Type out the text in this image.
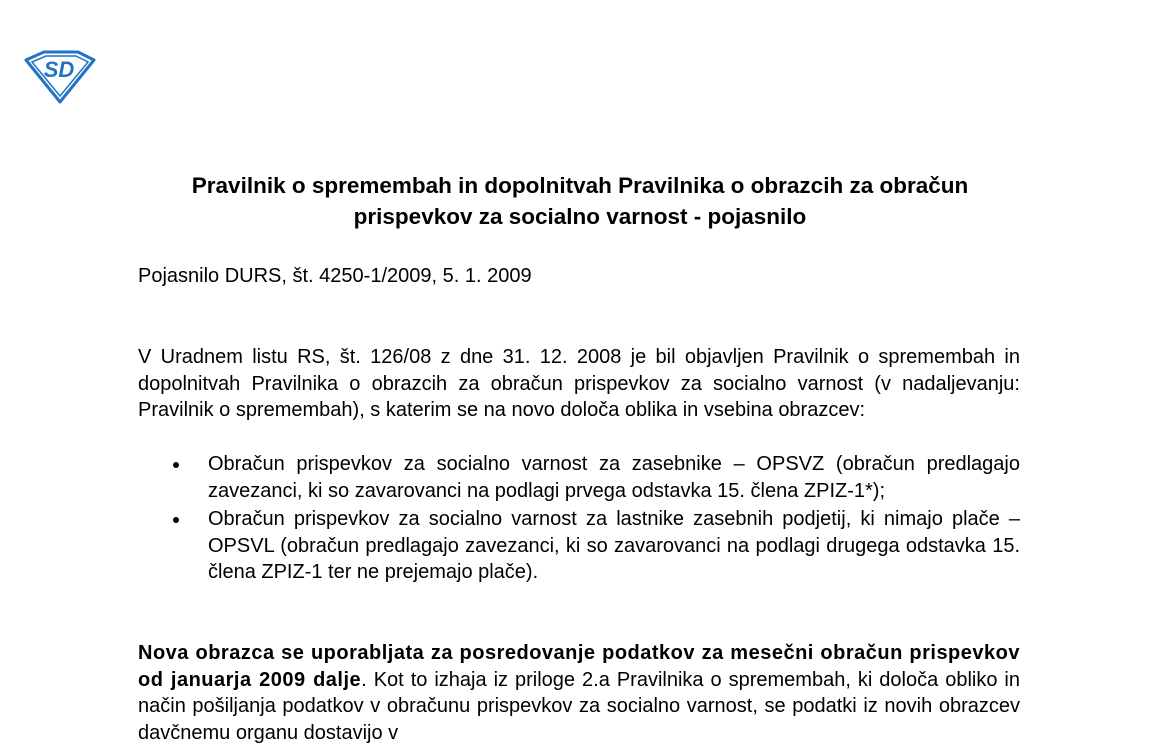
SD
Pravilnik o spremembah in dopolnitvah Pravilnika o obrazcih za obračun prispevkov za socialno varnost - pojasnilo

Pojasnilo DURS, št. 4250-1/2009, 5. 1. 2009

V Uradnem listu RS, št. 126/08 z dne 31. 12. 2008 je bil objavljen Pravilnik o spremembah in dopolnitvah Pravilnika o obrazcih za obračun prispevkov za socialno varnost (v nadaljevanju: Pravilnik o spremembah), s katerim se na novo določa oblika in vsebina obrazcev:

Obračun prispevkov za socialno varnost za zasebnike – OPSVZ (obračun predlagajo zavezanci, ki so zavarovanci na podlagi prvega odstavka 15. člena ZPIZ-1*);
Obračun prispevkov za socialno varnost za lastnike zasebnih podjetij, ki nimajo plače – OPSVL (obračun predlagajo zavezanci, ki so zavarovanci na podlagi drugega odstavka 15. člena ZPIZ-1 ter ne prejemajo plače).

Nova obrazca se uporabljata za posredovanje podatkov za mesečni obračun prispevkov od januarja 2009 dalje. Kot to izhaja iz priloge 2.a Pravilnika o spremembah, ki določa obliko in način pošiljanja podatkov v obračunu prispevkov za socialno varnost, se podatki iz novih obrazcev davčnemu organu dostavijo v
